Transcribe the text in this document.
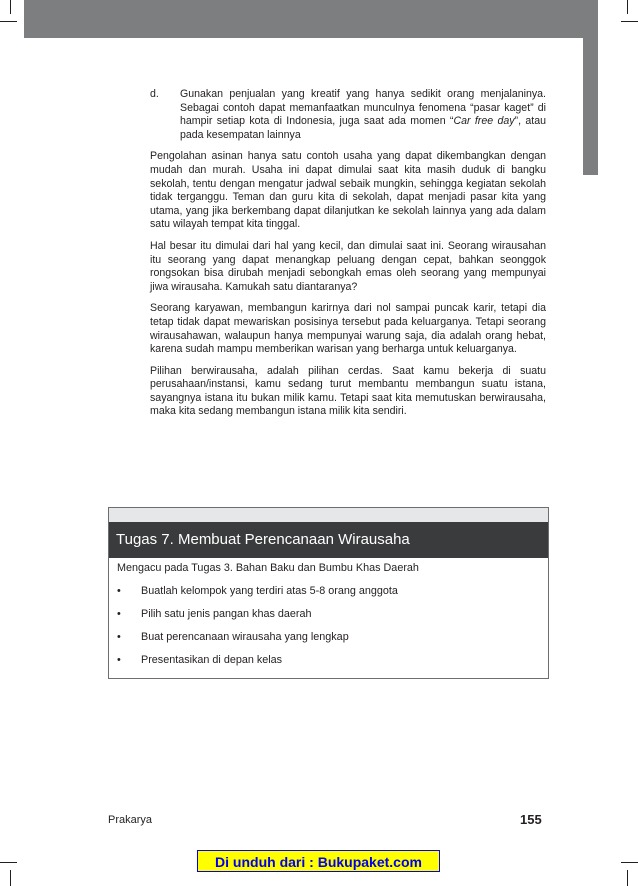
d. Gunakan penjualan yang kreatif yang hanya sedikit orang menjalaninya. Sebagai contoh dapat memanfaatkan munculnya fenomena “pasar kaget” di hampir setiap kota di Indonesia, juga saat ada momen “Car free day”, atau pada kesempatan lainnya

Pengolahan asinan hanya satu contoh usaha yang dapat dikembangkan dengan mudah dan murah. Usaha ini dapat dimulai saat kita masih duduk di bangku sekolah, tentu dengan mengatur jadwal sebaik mungkin, sehingga kegiatan sekolah tidak terganggu. Teman dan guru kita di sekolah, dapat menjadi pasar kita yang utama, yang jika berkembang dapat dilanjutkan ke sekolah lainnya yang ada dalam satu wilayah tempat kita tinggal.

Hal besar itu dimulai dari hal yang kecil, dan dimulai saat ini. Seorang wirausahan itu seorang yang dapat menangkap peluang dengan cepat, bahkan seonggok rongsokan bisa dirubah menjadi sebongkah emas oleh seorang yang mempunyai jiwa wirausaha. Kamukah satu diantaranya?

Seorang karyawan, membangun karirnya dari nol sampai puncak karir, tetapi dia tetap tidak dapat mewariskan posisinya tersebut pada keluarganya. Tetapi seorang wirausahawan, walaupun hanya mempunyai warung saja, dia adalah orang hebat, karena sudah mampu memberikan warisan yang berharga untuk keluarganya.

Pilihan berwirausaha, adalah pilihan cerdas. Saat kamu bekerja di suatu perusahaan/instansi, kamu sedang turut membantu membangun suatu istana, sayangnya istana itu bukan milik kamu. Tetapi saat kita memutuskan berwirausaha, maka kita sedang membangun istana milik kita sendiri.

Tugas 7. Membuat Perencanaan Wirausaha
Mengacu pada Tugas 3. Bahan Baku dan Bumbu Khas Daerah
•	Buatlah kelompok yang terdiri atas 5-8 orang anggota
•	Pilih satu jenis pangan khas daerah
•	Buat perencanaan wirausaha yang lengkap
•	Presentasikan di depan kelas
Prakarya	155
Di unduh dari : Bukupaket.com
